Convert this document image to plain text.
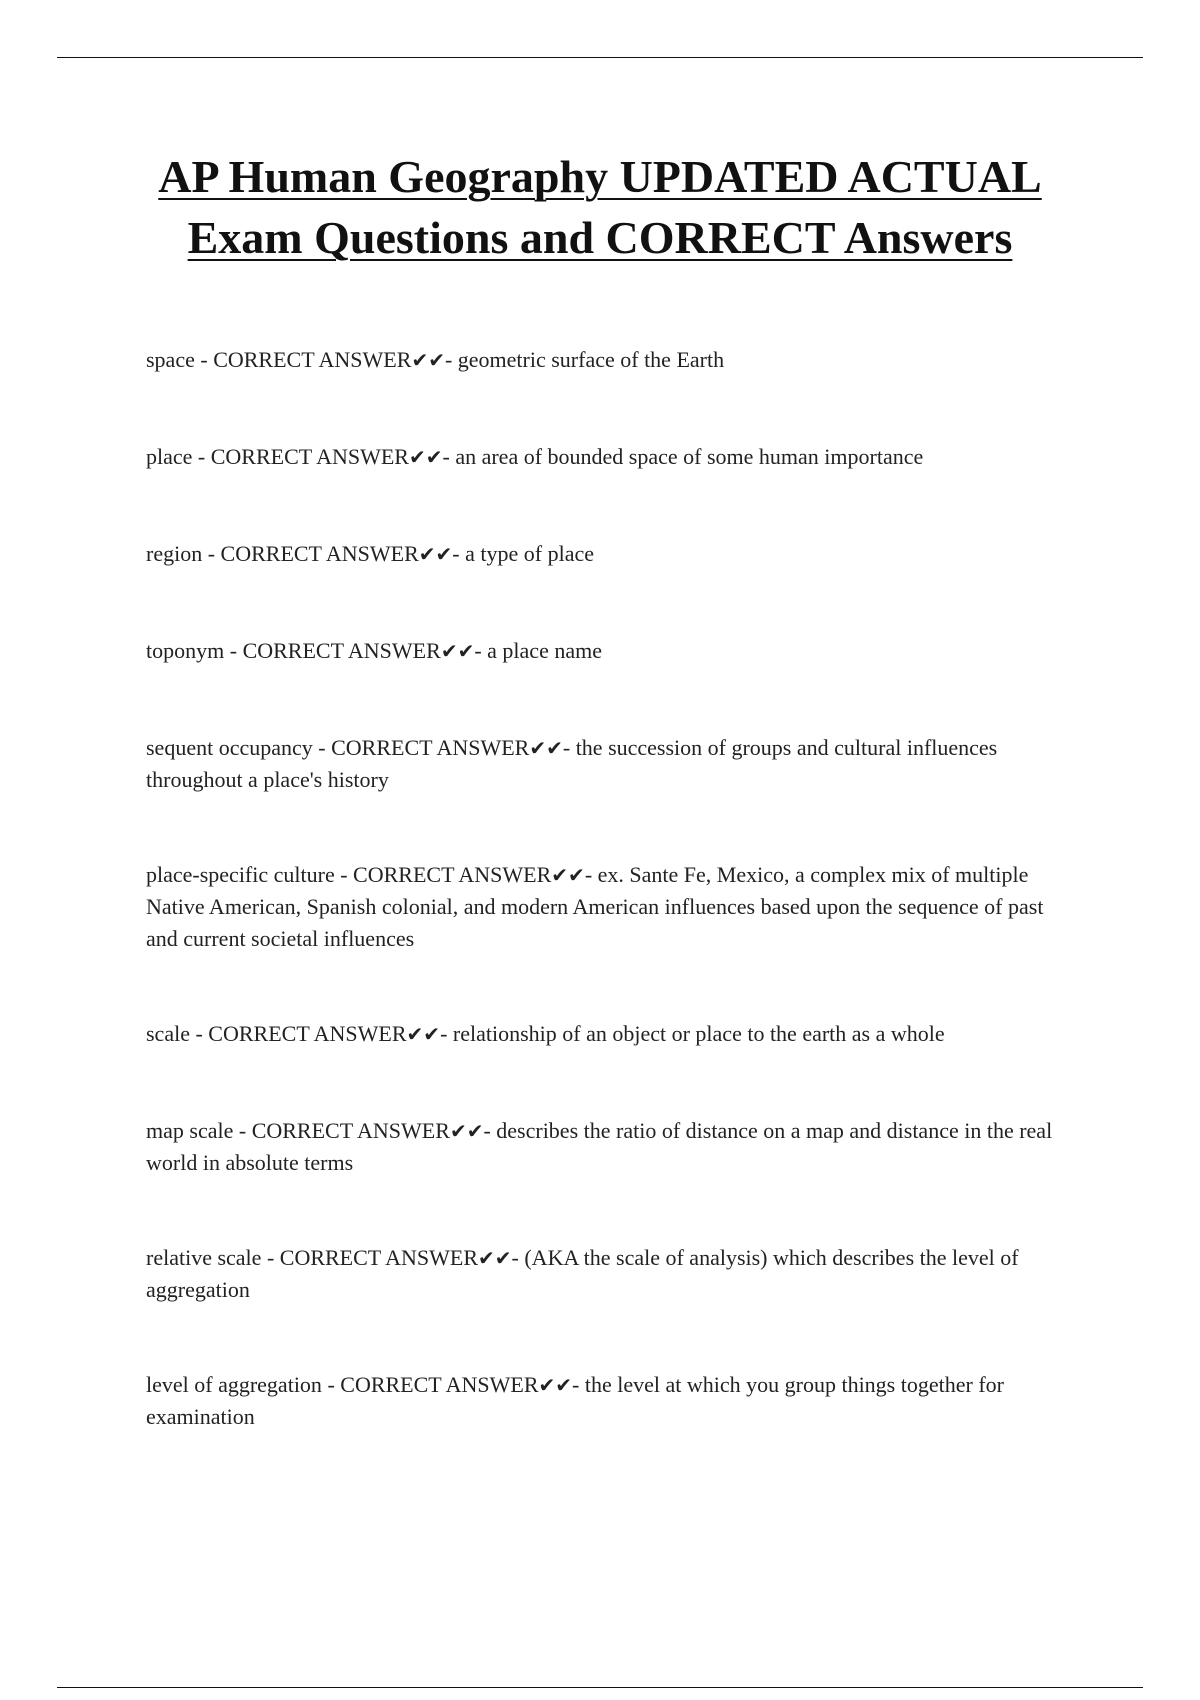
AP Human Geography UPDATED ACTUAL Exam Questions and CORRECT Answers

space - CORRECT ANSWER✔✔- geometric surface of the Earth

place - CORRECT ANSWER✔✔- an area of bounded space of some human importance

region - CORRECT ANSWER✔✔- a type of place

toponym - CORRECT ANSWER✔✔- a place name

sequent occupancy - CORRECT ANSWER✔✔- the succession of groups and cultural influences throughout a place's history

place-specific culture - CORRECT ANSWER✔✔- ex. Sante Fe, Mexico, a complex mix of multiple Native American, Spanish colonial, and modern American influences based upon the sequence of past and current societal influences

scale - CORRECT ANSWER✔✔- relationship of an object or place to the earth as a whole

map scale - CORRECT ANSWER✔✔- describes the ratio of distance on a map and distance in the real world in absolute terms

relative scale - CORRECT ANSWER✔✔- (AKA the scale of analysis) which describes the level of aggregation

level of aggregation - CORRECT ANSWER✔✔- the level at which you group things together for examination
